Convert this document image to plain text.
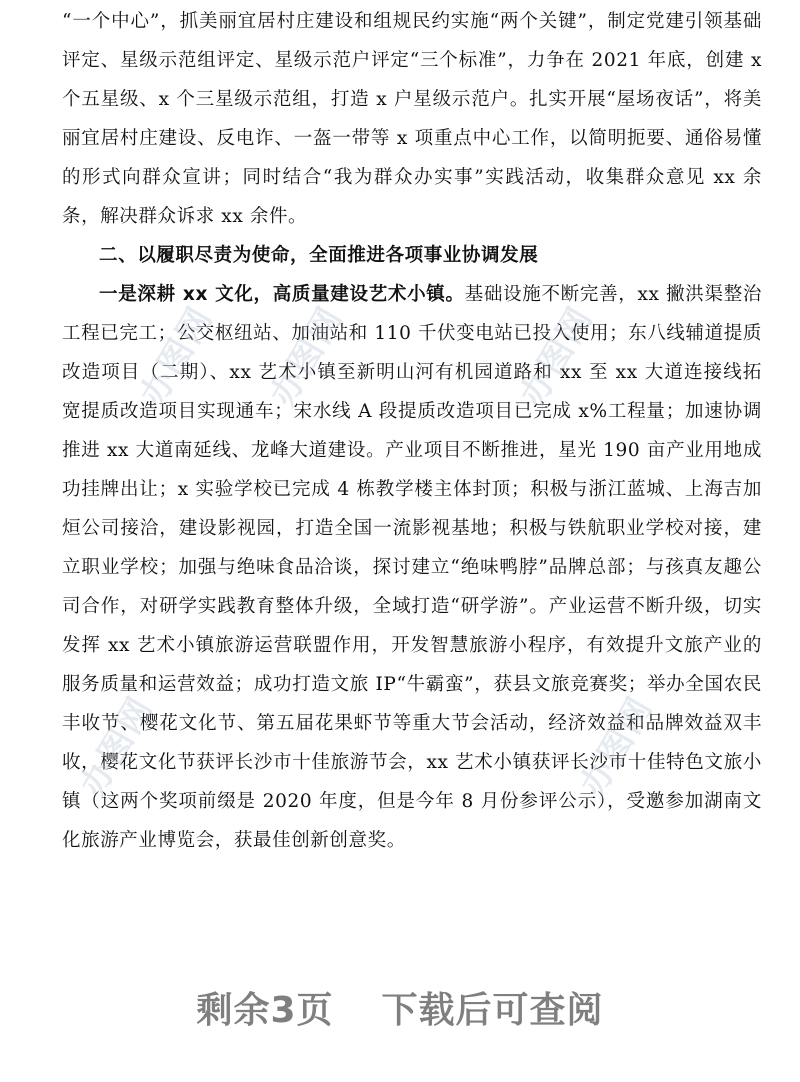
“一个中心”，抓美丽宜居村庄建设和组规民约实施“两个关键”，制定党建引领基础评定、星级示范组评定、星级示范户评定“三个标准”，力争在 2021 年底，创建 x 个五星级、x 个三星级示范组，打造 x 户星级示范户。扎实开展“屋场夜话”，将美丽宜居村庄建设、反电诈、一盔一带等 x 项重点中心工作，以简明扼要、通俗易懂的形式向群众宣讲；同时结合“我为群众办实事”实践活动，收集群众意见 xx 余条，解决群众诉求 xx 余件。

二、以履职尽责为使命，全面推进各项事业协调发展

一是深耕 xx 文化，高质量建设艺术小镇。基础设施不断完善，xx 撇洪渠整治工程已完工；公交枢纽站、加油站和 110 千伏变电站已投入使用；东八线辅道提质改造项目（二期）、xx 艺术小镇至新明山河有机园道路和 xx 至 xx 大道连接线拓宽提质改造项目实现通车；宋水线 A 段提质改造项目已完成 x%工程量；加速协调推进 xx 大道南延线、龙峰大道建设。产业项目不断推进，星光 190 亩产业用地成功挂牌出让；x 实验学校已完成 4 栋教学楼主体封顶；积极与浙江蓝城、上海吉加烜公司接洽，建设影视园，打造全国一流影视基地；积极与铁航职业学校对接，建立职业学校；加强与绝味食品洽谈，探讨建立“绝味鸭脖”品牌总部；与孩真友趣公司合作，对研学实践教育整体升级，全域打造“研学游”。产业运营不断升级，切实发挥 xx 艺术小镇旅游运营联盟作用，开发智慧旅游小程序，有效提升文旅产业的服务质量和运营效益；成功打造文旅 IP“牛霸蛮”，获县文旅竞赛奖；举办全国农民丰收节、樱花文化节、第五届花果虾节等重大节会活动，经济效益和品牌效益双丰收，樱花文化节获评长沙市十佳旅游节会，xx 艺术小镇获评长沙市十佳特色文旅小镇（这两个奖项前缀是 2020 年度，但是今年 8 月份参评公示），受邀参加湖南文化旅游产业博览会，获最佳创新创意奖。

办图网 办图网	办图网
办图网	办图网
剩余3页 下载后可查阅
